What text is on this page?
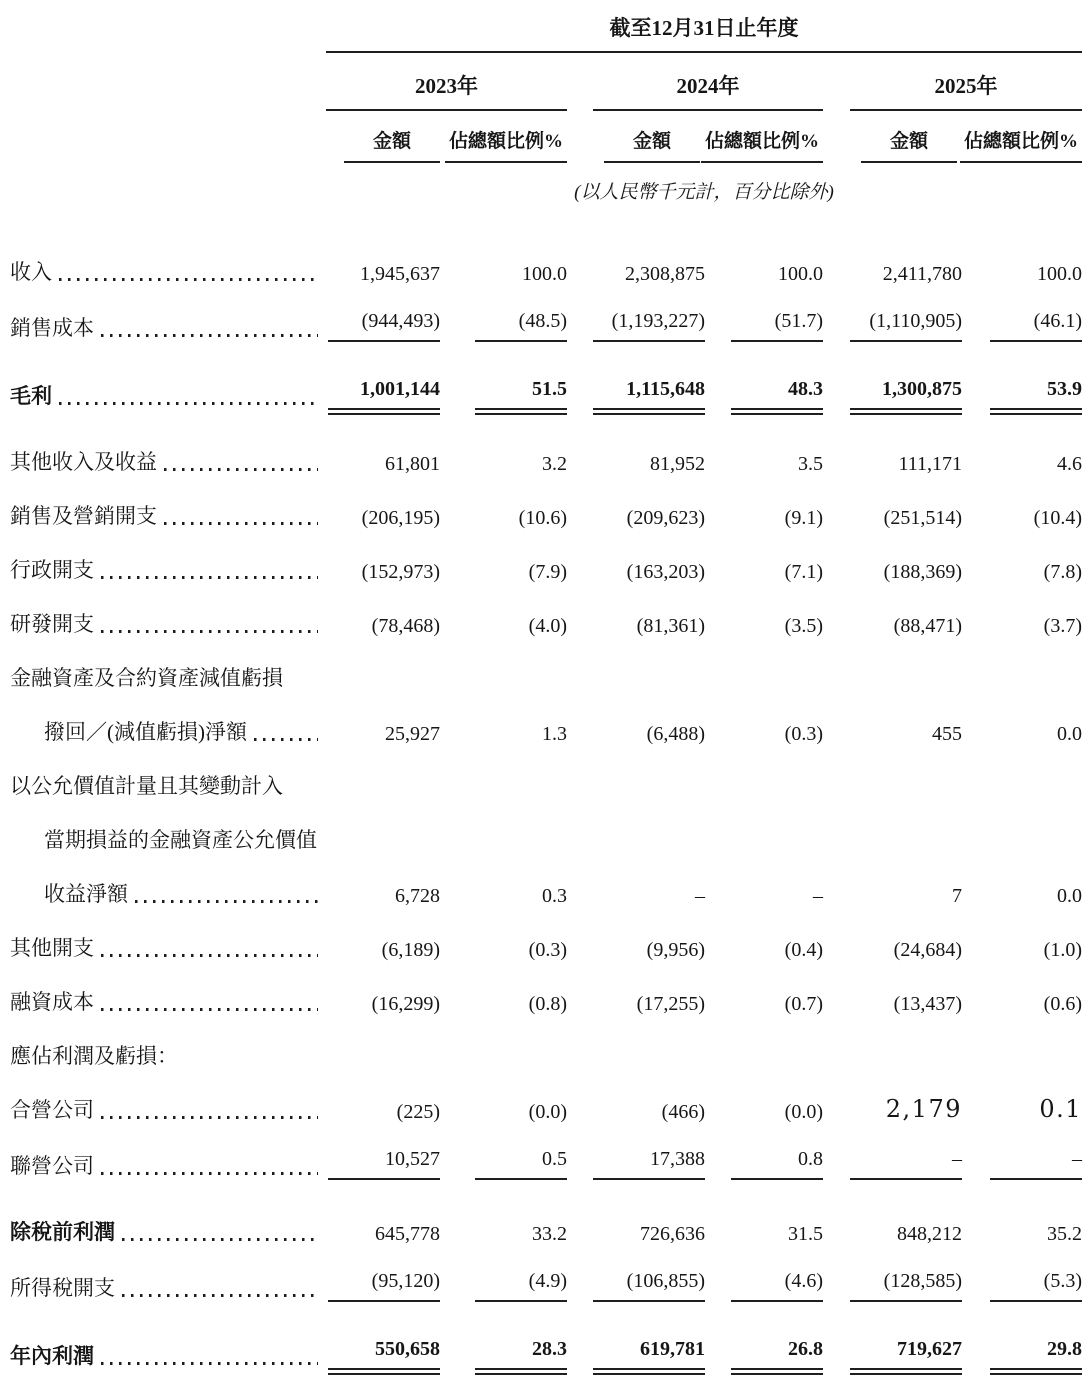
	截至12月31日止年度							
	2023年			2024年			2025年	
	金額	佔總額比例%		金額	佔總額比例%		金額	佔總額比例%
	(以人民幣千元計，百分比除外)							

收入	1,945,637	100.0		2,308,875	100.0		2,411,780	100.0

銷售成本	(944,493)	(48.5)		(1,193,227)	(51.7)		(1,110,905)	(46.1)

毛利	1,001,144	51.5		1,115,648	48.3		1,300,875	53.9

其他收入及收益	61,801	3.2		81,952	3.5		111,171	4.6

銷售及營銷開支	(206,195)	(10.6)		(209,623)	(9.1)		(251,514)	(10.4)

行政開支	(152,973)	(7.9)		(163,203)	(7.1)		(188,369)	(7.8)

研發開支	(78,468)	(4.0)		(81,361)	(3.5)		(88,471)	(3.7)

金融資產及合約資產減值虧損								

撥回／(減值虧損)淨額	25,927	1.3		(6,488)	(0.3)		455	0.0

以公允價值計量且其變動計入								

當期損益的金融資產公允價值								

收益淨額	6,728	0.3		–	–		7	0.0

其他開支	(6,189)	(0.3)		(9,956)	(0.4)		(24,684)	(1.0)

融資成本	(16,299)	(0.8)		(17,255)	(0.7)		(13,437)	(0.6)

應佔利潤及虧損：								

合營公司	(225)	(0.0)		(466)	(0.0)		2,179	0.1

聯營公司	10,527	0.5		17,388	0.8		–	–

除稅前利潤	645,778	33.2		726,636	31.5		848,212	35.2

所得稅開支	(95,120)	(4.9)		(106,855)	(4.6)		(128,585)	(5.3)

年內利潤	550,658	28.3		619,781	26.8		719,627	29.8
